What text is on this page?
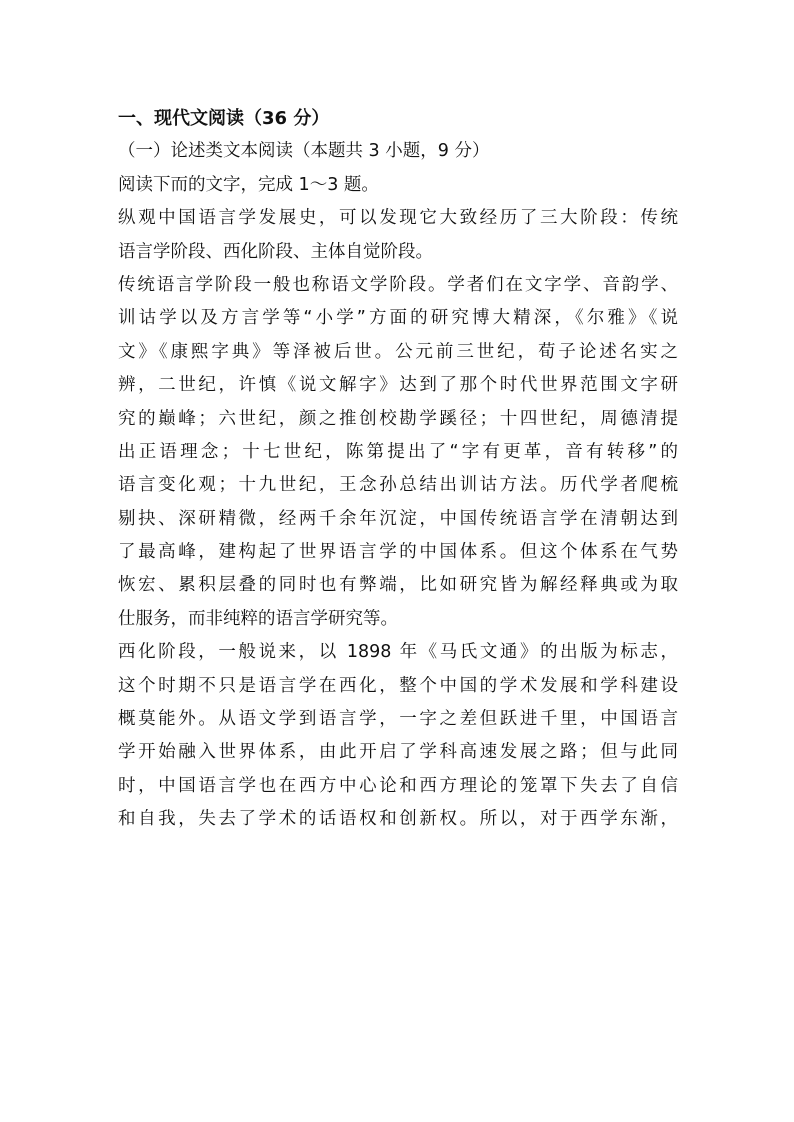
一、现代文阅读（36 分）

（一）论述类文本阅读（本题共 3 小题，9 分）

阅读下而的文字，完成 1～3 题。

纵观中国语言学发展史，可以发现它大致经历了三大阶段：传统

语言学阶段、西化阶段、主体自觉阶段。

传统语言学阶段一般也称语文学阶段。学者们在文字学、音韵学、

训诂学以及方言学等“小学”方面的研究博大精深，《尔雅》《说

文》《康熙字典》等泽被后世。公元前三世纪，荀子论述名实之

辨，二世纪，许慎《说文解字》达到了那个时代世界范围文字研

究的巅峰；六世纪，颜之推创校勘学蹊径；十四世纪，周德清提

出正语理念；十七世纪，陈第提出了“字有更革，音有转移”的

语言变化观；十九世纪，王念孙总结出训诂方法。历代学者爬梳

剔抉、深研精微，经两千余年沉淀，中国传统语言学在清朝达到

了最高峰，建构起了世界语言学的中国体系。但这个体系在气势

恢宏、累积层叠的同时也有弊端，比如研究皆为解经释典或为取

仕服务，而非纯粹的语言学研究等。

西化阶段，一般说来，以 1898 年《马氏文通》的出版为标志，

这个时期不只是语言学在西化，整个中国的学术发展和学科建设

概莫能外。从语文学到语言学，一字之差但跃进千里，中国语言

学开始融入世界体系，由此开启了学科高速发展之路；但与此同

时，中国语言学也在西方中心论和西方理论的笼罩下失去了自信

和自我，失去了学术的话语权和创新权。所以，对于西学东渐，
